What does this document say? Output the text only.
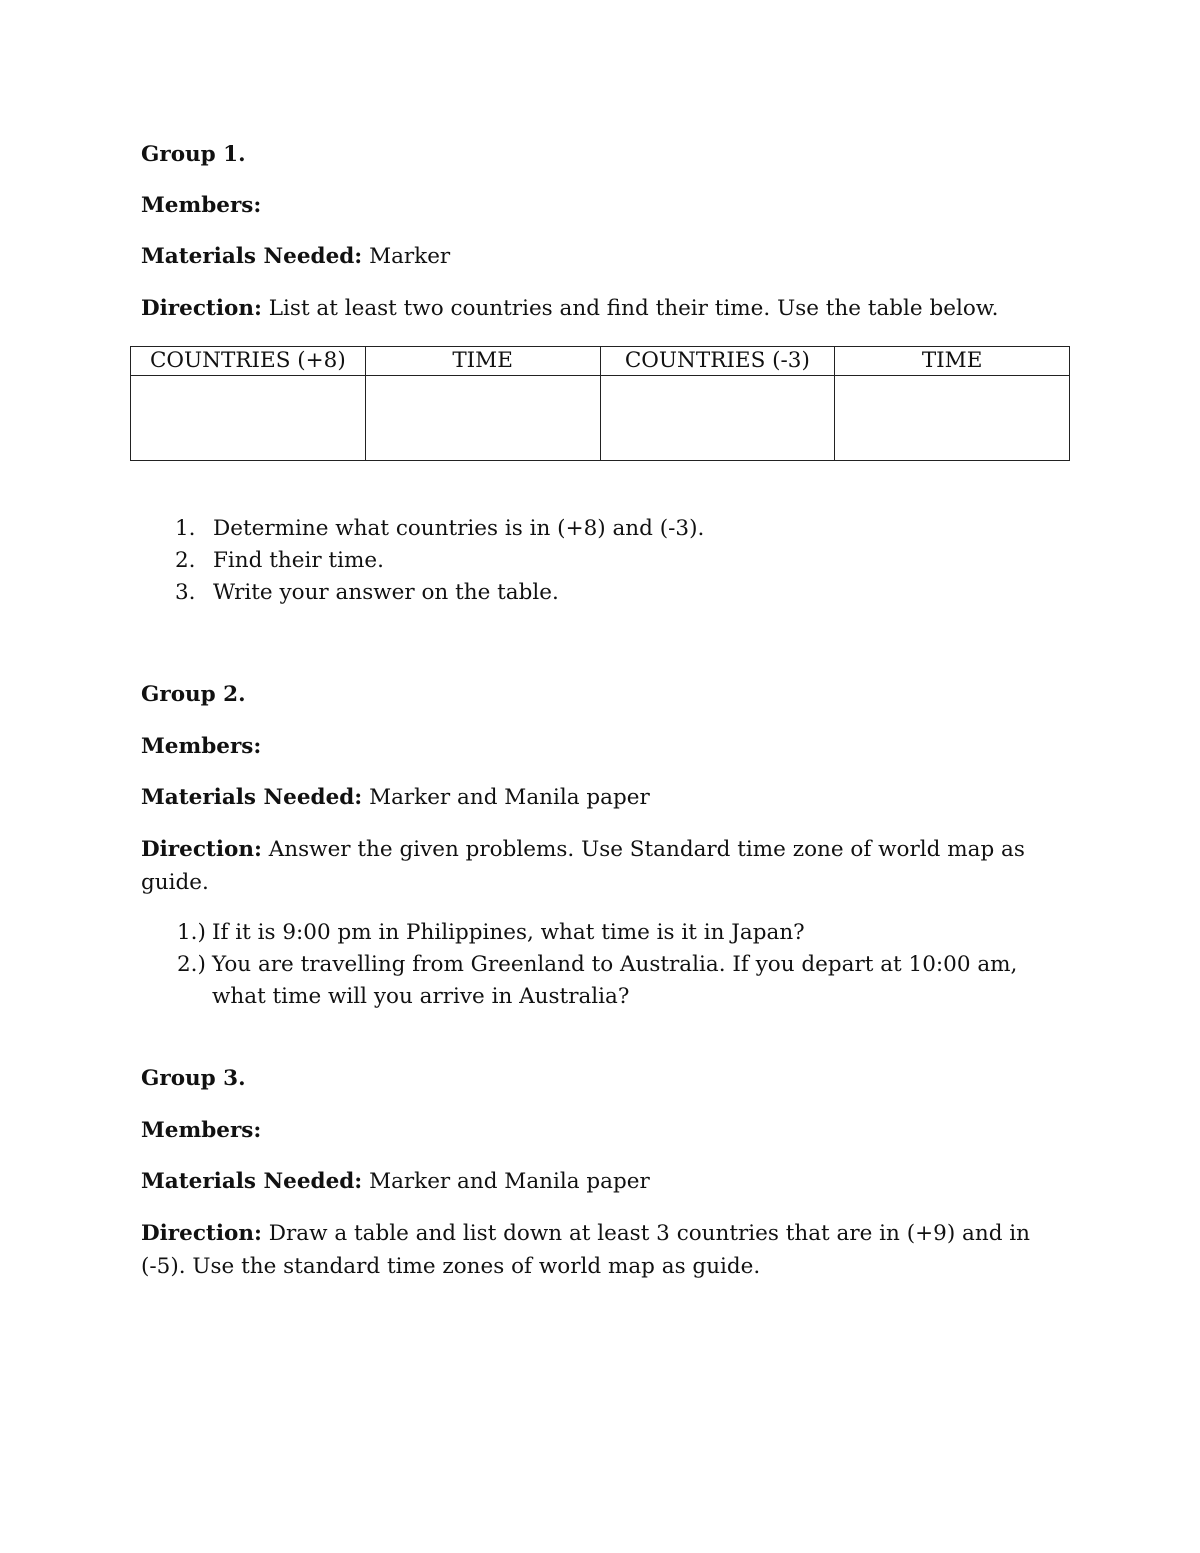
Group 1.
Members:
Materials Needed: Marker
Direction: List at least two countries and find their time. Use the table below.
COUNTRIES (+8)	TIME	COUNTRIES (-3)	TIME

1. Determine what countries is in (+8) and (-3).
2. Find their time.
3. Write your answer on the table.
Group 2.
Members:
Materials Needed: Marker and Manila paper
Direction: Answer the given problems. Use Standard time zone of world map as guide.
1.) If it is 9:00 pm in Philippines, what time is it in Japan?
2.) You are travelling from Greenland to Australia. If you depart at 10:00 am, what time will you arrive in Australia?
Group 3.
Members:
Materials Needed: Marker and Manila paper
Direction: Draw a table and list down at least 3 countries that are in (+9) and in (-5). Use the standard time zones of world map as guide.
